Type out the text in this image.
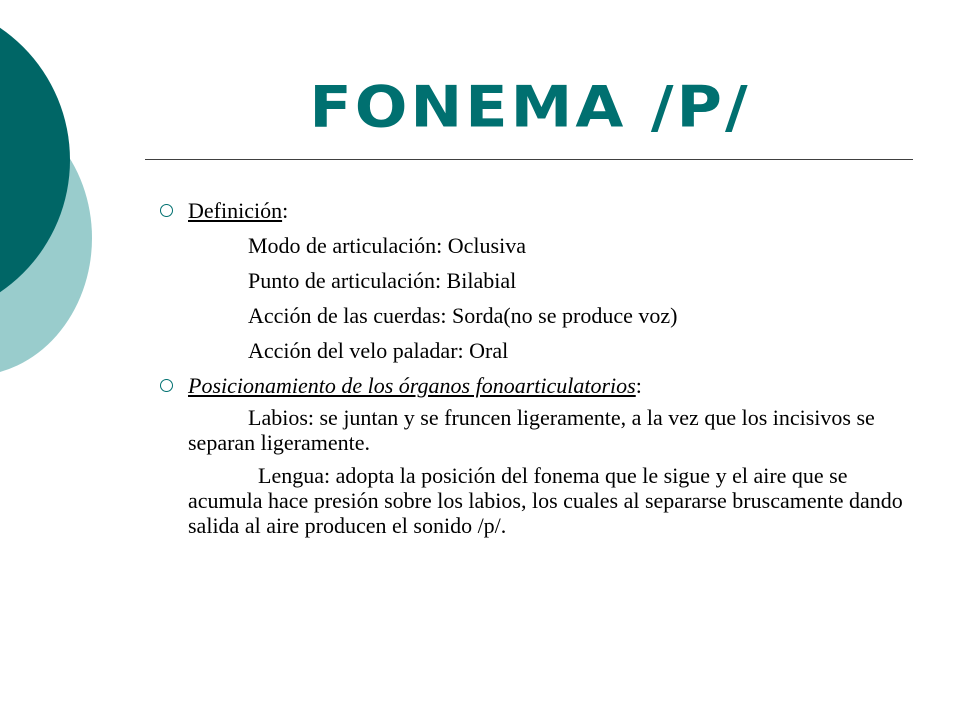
FONEMA /P/
Definición:
Modo de articulación: Oclusiva
Punto de articulación: Bilabial
Acción de las cuerdas: Sorda(no se produce voz)
Acción del velo paladar: Oral
Posicionamiento de los órganos fonoarticulatorios:
Labios: se juntan y se fruncen ligeramente, a la vez que los incisivos se separan ligeramente.
Lengua: adopta la posición del fonema que le sigue y el aire que se acumula hace presión sobre los labios, los cuales al separarse bruscamente dando salida al aire producen el sonido /p/.
